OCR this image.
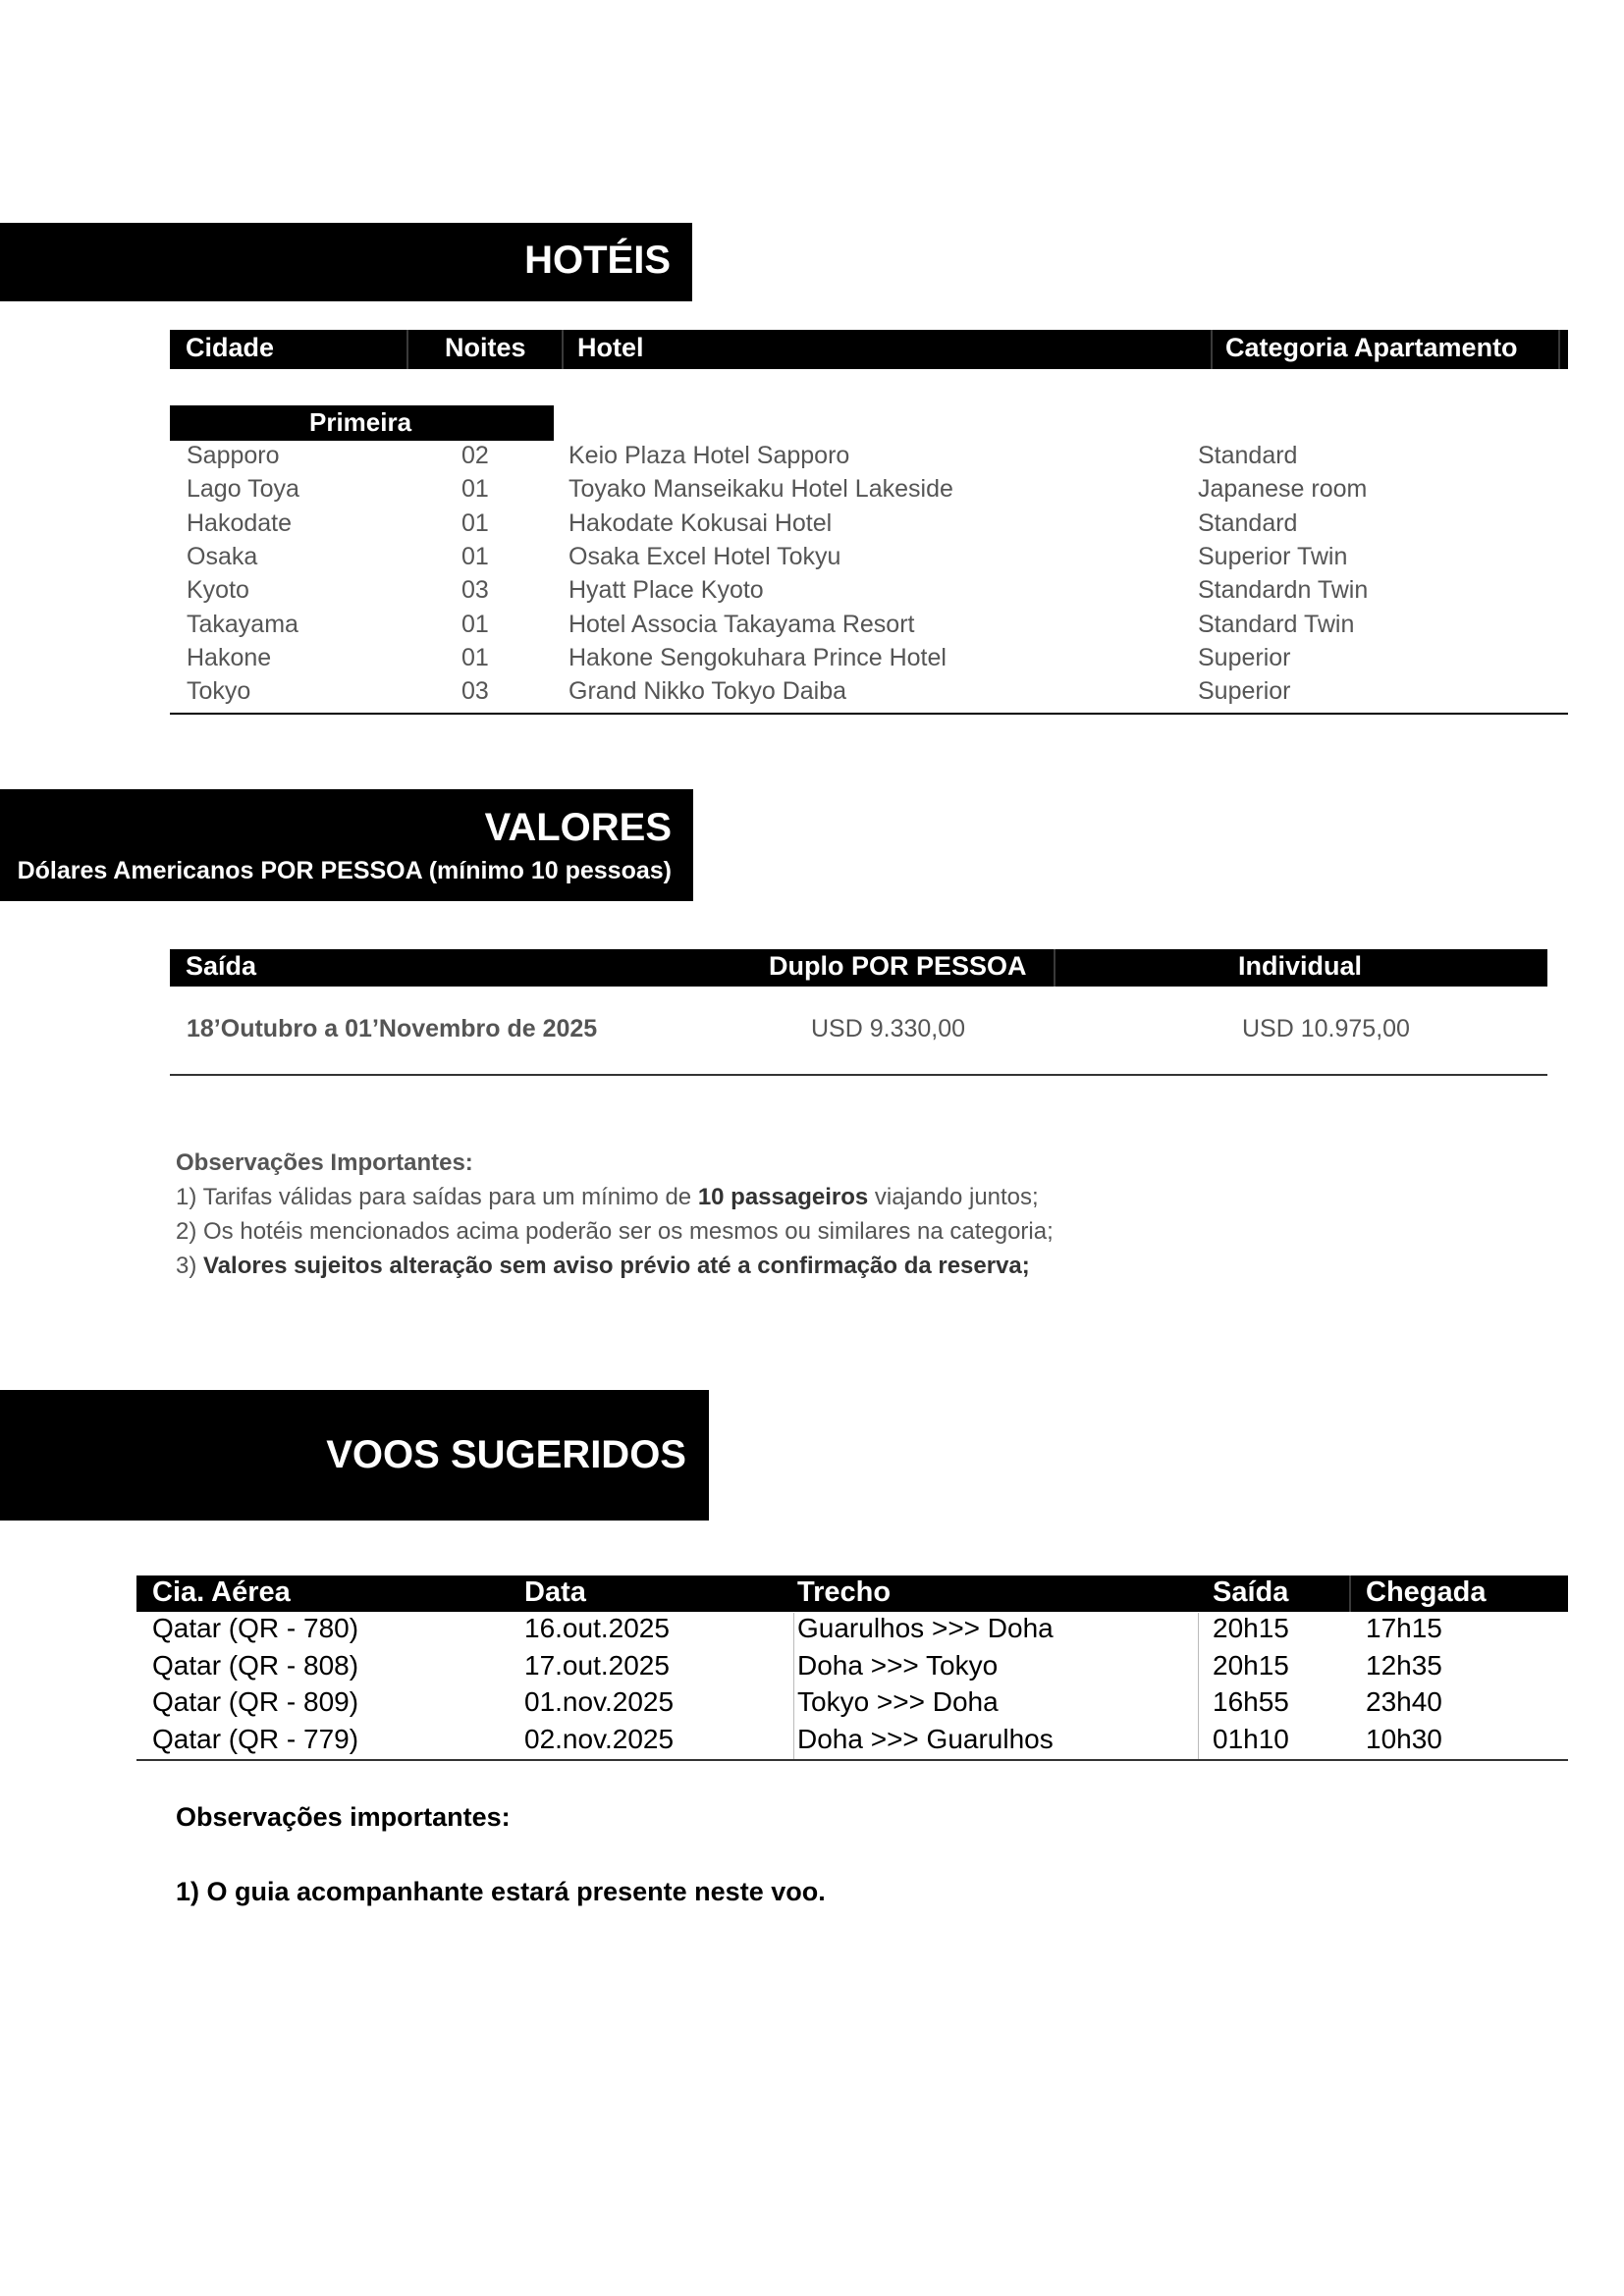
HOTÉIS
Cidade	Noites Hotel	Categoria Apartamento
Primeira
Sapporo	02	Keio Plaza Hotel Sapporo	Standard
Lago Toya	01	Toyako Manseikaku Hotel Lakeside	Japanese room
Hakodate	01	Hakodate Kokusai Hotel	Standard
Osaka	01	Osaka Excel Hotel Tokyu	Superior Twin
Kyoto	03	Hyatt Place Kyoto	Standardn Twin
Takayama	01	Hotel Associa Takayama Resort	Standard Twin
Hakone	01	Hakone Sengokuhara Prince Hotel	Superior
Tokyo	03	Grand Nikko Tokyo Daiba	Superior
VALORES
Dólares Americanos POR PESSOA (mínimo 10 pessoas)
Saída	Duplo POR PESSOA	Individual
18’Outubro a 01’Novembro de 2025	USD 9.330,00	USD 10.975,00
Observações Importantes:
1) Tarifas válidas para saídas para um mínimo de 10 passageiros viajando juntos;
2) Os hotéis mencionados acima poderão ser os mesmos ou similares na categoria;
3) Valores sujeitos alteração sem aviso prévio até a confirmação da reserva;
VOOS SUGERIDOS
Cia. Aérea	Data	Trecho	Saída	Chegada
Qatar (QR - 780)	16.out.2025	Guarulhos >>> Doha	20h15	17h15
Qatar (QR - 808)	17.out.2025	Doha >>> Tokyo	20h15	12h35
Qatar (QR - 809)	01.nov.2025	Tokyo >>> Doha	16h55	23h40
Qatar (QR - 779)	02.nov.2025	Doha >>> Guarulhos	01h10	10h30
Observações importantes:
1) O guia acompanhante estará presente neste voo.
